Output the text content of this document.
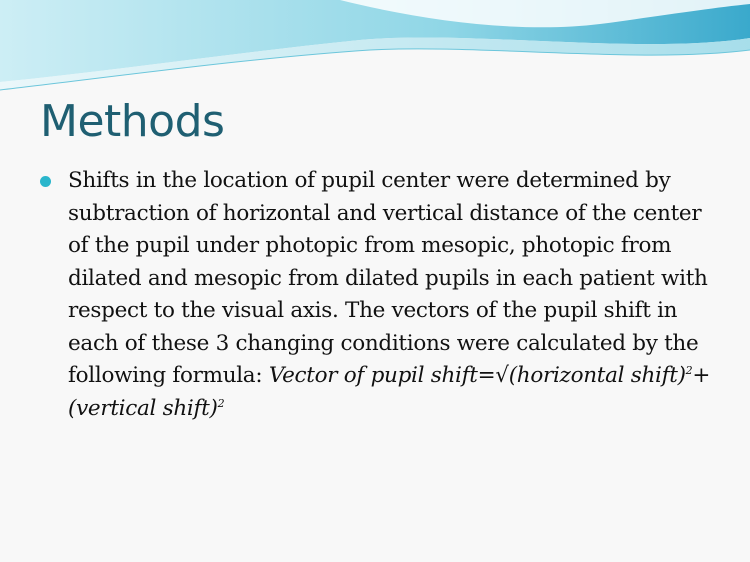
Methods
Shifts in the location of pupil center were determined by subtraction of horizontal and vertical distance of the center of the pupil under photopic from mesopic, photopic from dilated and mesopic from dilated pupils in each patient with respect to the visual axis. The vectors of the pupil shift in each of these 3 changing conditions were calculated by the following formula: Vector of pupil shift=√(horizontal shift)$^2$+(vertical shift)$^2$
